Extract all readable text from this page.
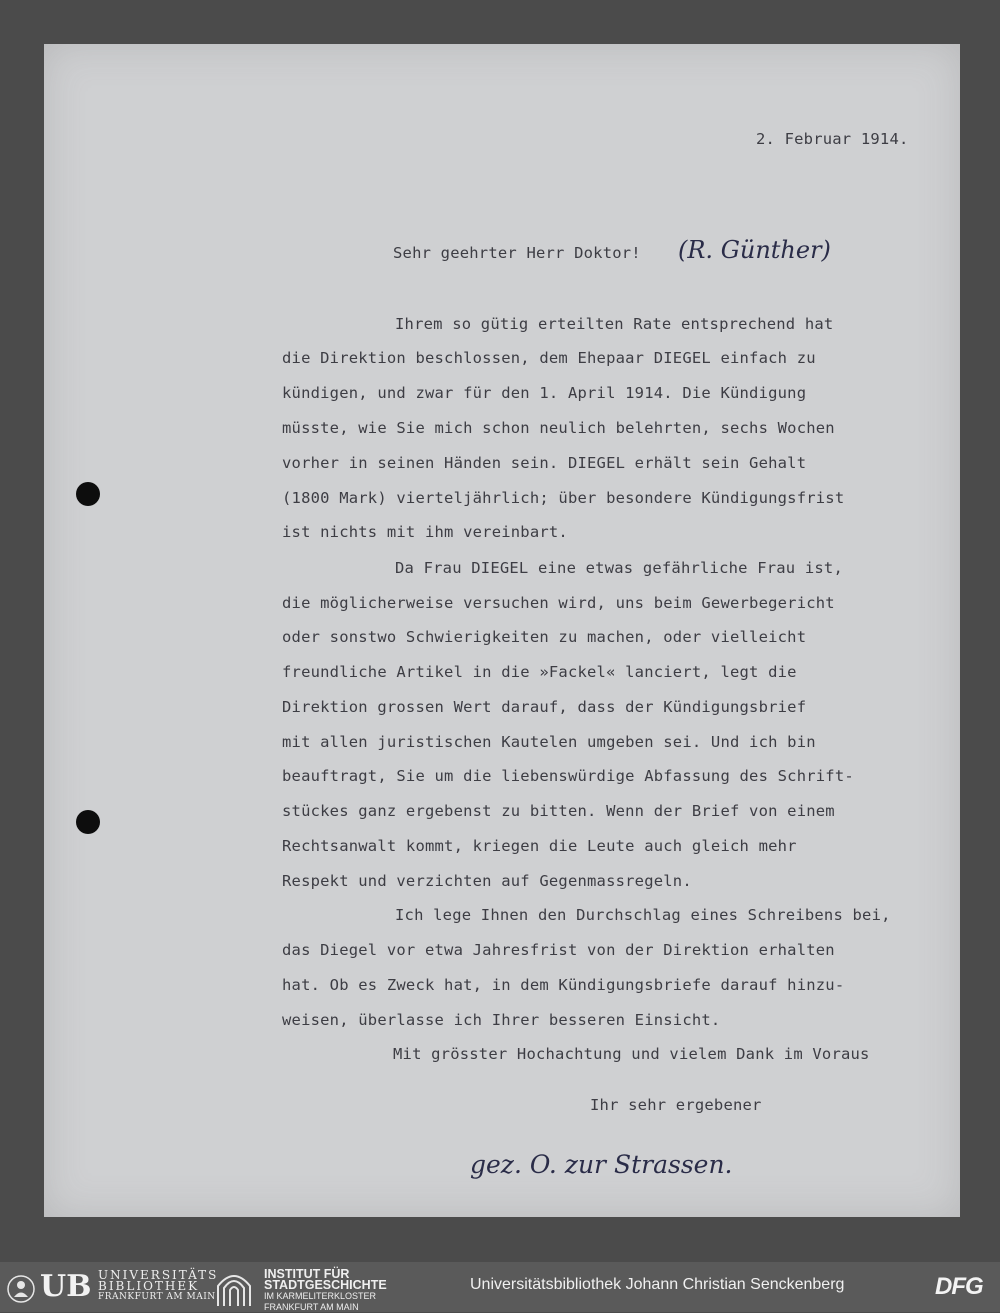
2. Februar 1914.
Sehr geehrter Herr Doktor! (R. Günther)
Ihrem so gütig erteilten Rate entsprechend hat
die Direktion beschlossen, dem Ehepaar DIEGEL einfach zu
kündigen, und zwar für den 1. April 1914. Die Kündigung
müsste, wie Sie mich schon neulich belehrten, sechs Wochen
vorher in seinen Händen sein. DIEGEL erhält sein Gehalt
(1800 Mark) vierteljährlich; über besondere Kündigungsfrist
ist nichts mit ihm vereinbart.
Da Frau DIEGEL eine etwas gefährliche Frau ist,
die möglicherweise versuchen wird, uns beim Gewerbegericht
oder sonstwo Schwierigkeiten zu machen, oder vielleicht
freundliche Artikel in die »Fackel« lanciert, legt die
Direktion grossen Wert darauf, dass der Kündigungsbrief
mit allen juristischen Kautelen umgeben sei. Und ich bin
beauftragt, Sie um die liebenswürdige Abfassung des Schrift-
stückes ganz ergebenst zu bitten. Wenn der Brief von einem
Rechtsanwalt kommt, kriegen die Leute auch gleich mehr
Respekt und verzichten auf Gegenmassregeln.
Ich lege Ihnen den Durchschlag eines Schreibens bei,
das Diegel vor etwa Jahresfrist von der Direktion erhalten
hat. Ob es Zweck hat, in dem Kündigungsbriefe darauf hinzu-
weisen, überlasse ich Ihrer besseren Einsicht.
Mit grösster Hochachtung und vielem Dank im Voraus
Ihr sehr ergebener
gez. O. zur Strassen.
UB UNIVERSITÄTS
BIBLIOTHEK
FRANKFURT AM MAIN
INSTITUT FÜR
STADTGESCHICHTE
IM KARMELITERKLOSTER
FRANKFURT AM MAIN
Universitätsbibliothek Johann Christian Senckenberg	DFG
